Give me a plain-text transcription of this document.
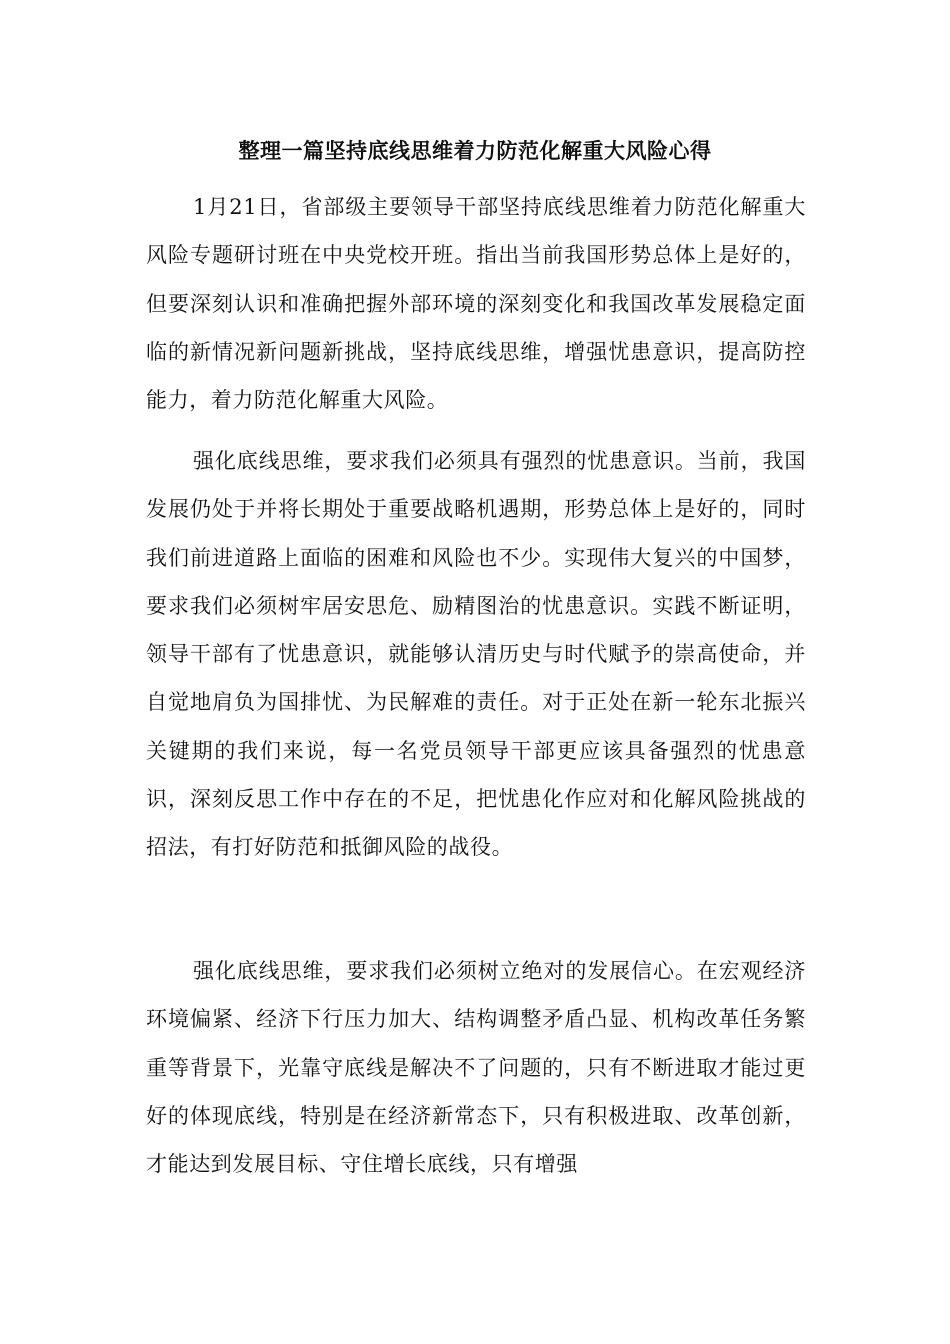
整理一篇坚持底线思维着力防范化解重大风险心得

1月21日，省部级主要领导干部坚持底线思维着力防范化解重大风险专题研讨班在中央党校开班。指出当前我国形势总体上是好的，但要深刻认识和准确把握外部环境的深刻变化和我国改革发展稳定面临的新情况新问题新挑战，坚持底线思维，增强忧患意识，提高防控能力，着力防范化解重大风险。

强化底线思维，要求我们必须具有强烈的忧患意识。当前，我国发展仍处于并将长期处于重要战略机遇期，形势总体上是好的，同时我们前进道路上面临的困难和风险也不少。实现伟大复兴的中国梦，要求我们必须树牢居安思危、励精图治的忧患意识。实践不断证明，领导干部有了忧患意识，就能够认清历史与时代赋予的崇高使命，并自觉地肩负为国排忧、为民解难的责任。对于正处在新一轮东北振兴关键期的我们来说，每一名党员领导干部更应该具备强烈的忧患意识，深刻反思工作中存在的不足，把忧患化作应对和化解风险挑战的招法，有打好防范和抵御风险的战役。

强化底线思维，要求我们必须树立绝对的发展信心。在宏观经济环境偏紧、经济下行压力加大、结构调整矛盾凸显、机构改革任务繁重等背景下，光靠守底线是解决不了问题的，只有不断进取才能过更好的体现底线，特别是在经济新常态下，只有积极进取、改革创新，才能达到发展目标、守住增长底线，只有增强
